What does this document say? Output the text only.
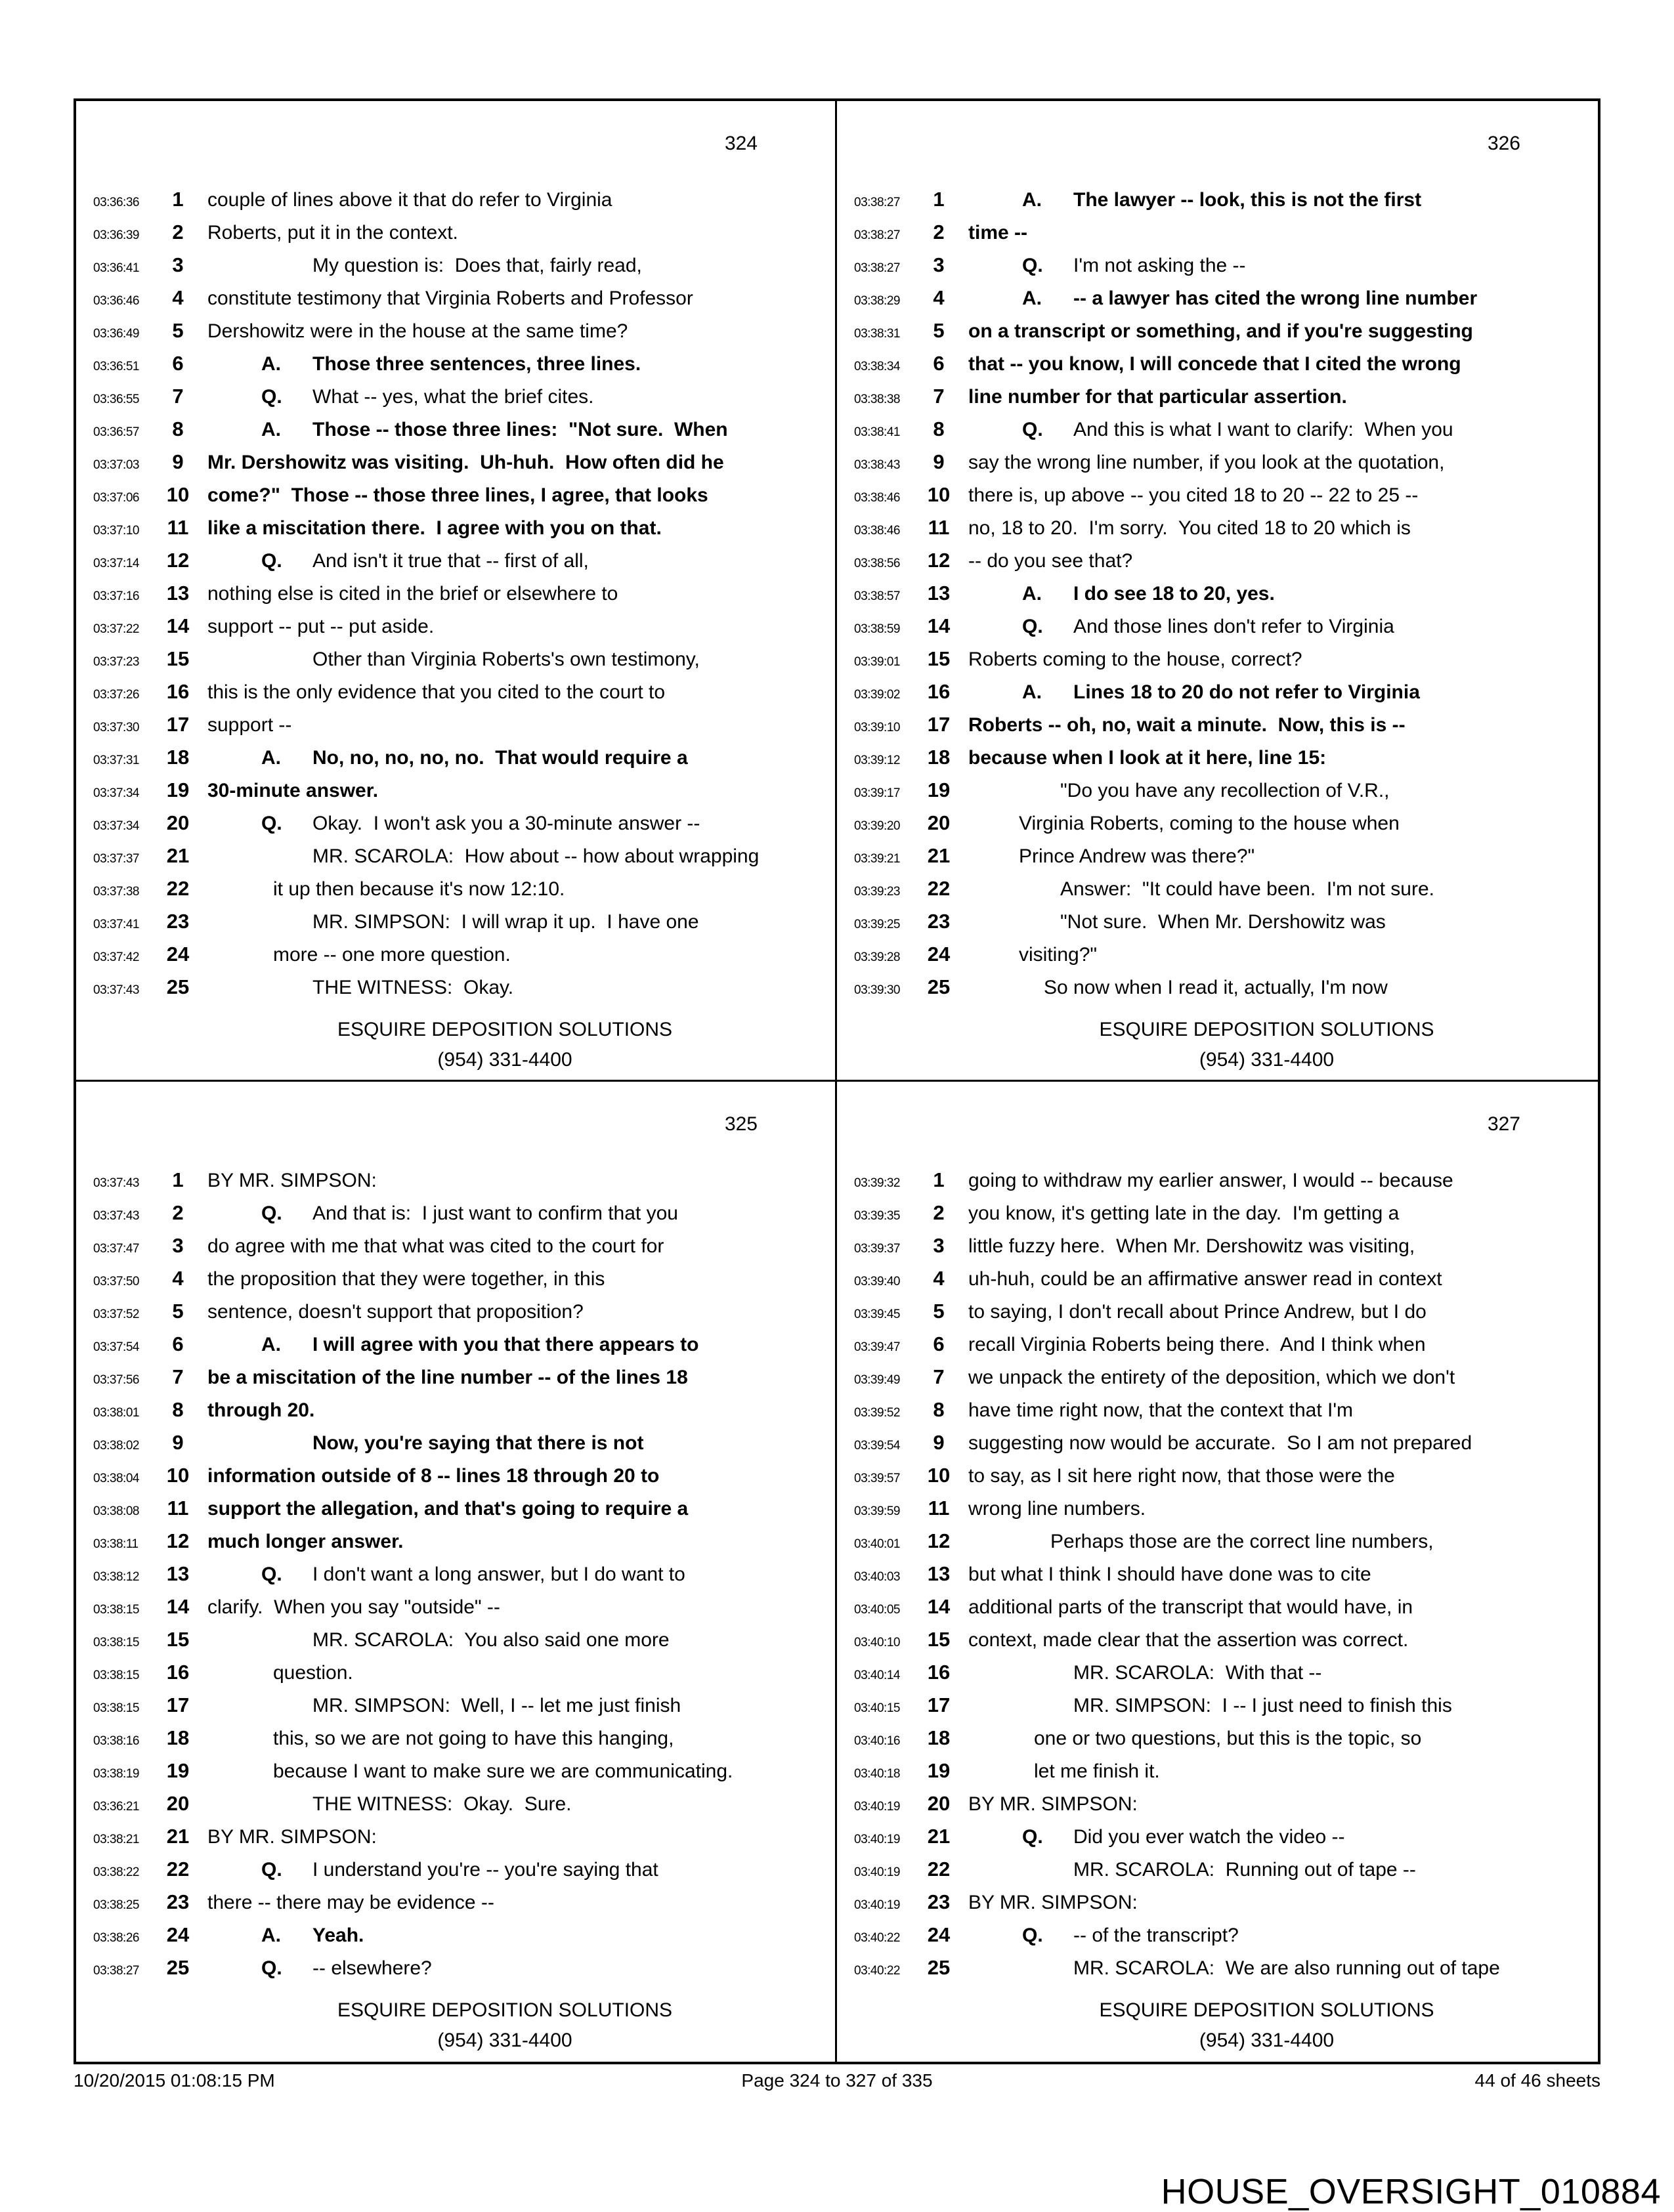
324
03:36:36	1	couple of lines above it that do refer to Virginia
03:36:39	2	Roberts, put it in the context.
03:36:41	3	My question is:  Does that, fairly read,
03:36:46	4	constitute testimony that Virginia Roberts and Professor
03:36:49	5	Dershowitz were in the house at the same time?
03:36:51	6	A. Those three sentences, three lines.
03:36:55	7	Q. What -- yes, what the brief cites.
03:36:57	8	A. Those -- those three lines:  "Not sure.  When
03:37:03	9	Mr. Dershowitz was visiting.  Uh-huh.  How often did he
03:37:06	10 come?"  Those -- those three lines, I agree, that looks
03:37:10	11 like a miscitation there.  I agree with you on that.
03:37:14	12	Q. And isn't it true that -- first of all,
03:37:16	13 nothing else is cited in the brief or elsewhere to
03:37:22	14 support -- put -- put aside.
03:37:23	15	Other than Virginia Roberts's own testimony,
03:37:26	16 this is the only evidence that you cited to the court to
03:37:30	17 support --
03:37:31	18	A. No, no, no, no, no.  That would require a
03:37:34	19 30-minute answer.
03:37:34	20	Q. Okay.  I won't ask you a 30-minute answer --
03:37:37	21	MR. SCAROLA:  How about -- how about wrapping
03:37:38	22	it up then because it's now 12:10.
03:37:41	23	MR. SIMPSON:  I will wrap it up.  I have one
03:37:42	24	more -- one more question.
03:37:43	25	THE WITNESS:  Okay.
ESQUIRE DEPOSITION SOLUTIONS
(954) 331-4400
326
03:38:27	1	A. The lawyer -- look, this is not the first
03:38:27	2	time --
03:38:27	3	Q. I'm not asking the --
03:38:29	4	A. -- a lawyer has cited the wrong line number
03:38:31	5	on a transcript or something, and if you're suggesting
03:38:34	6	that -- you know, I will concede that I cited the wrong
03:38:38	7	line number for that particular assertion.
03:38:41	8	Q. And this is what I want to clarify:  When you
03:38:43	9	say the wrong line number, if you look at the quotation,
03:38:46	10 there is, up above -- you cited 18 to 20 -- 22 to 25 --
03:38:46	11 no, 18 to 20.  I'm sorry.  You cited 18 to 20 which is
03:38:56	12 -- do you see that?
03:38:57	13	A. I do see 18 to 20, yes.
03:38:59	14	Q. And those lines don't refer to Virginia
03:39:01	15 Roberts coming to the house, correct?
03:39:02	16	A. Lines 18 to 20 do not refer to Virginia
03:39:10	17 Roberts -- oh, no, wait a minute.  Now, this is --
03:39:12	18 because when I look at it here, line 15:
03:39:17	19	"Do you have any recollection of V.R.,
03:39:20	20	Virginia Roberts, coming to the house when
03:39:21	21	Prince Andrew was there?"
03:39:23	22	Answer:  "It could have been.  I'm not sure.
03:39:25	23	"Not sure.  When Mr. Dershowitz was
03:39:28	24	visiting?"
03:39:30	25	So now when I read it, actually, I'm now
ESQUIRE DEPOSITION SOLUTIONS
(954) 331-4400
325
03:37:43	1	BY MR. SIMPSON:
03:37:43	2	Q. And that is:  I just want to confirm that you
03:37:47	3	do agree with me that what was cited to the court for
03:37:50	4	the proposition that they were together, in this
03:37:52	5	sentence, doesn't support that proposition?
03:37:54	6	A. I will agree with you that there appears to
03:37:56	7	be a miscitation of the line number -- of the lines 18
03:38:01	8	through 20.
03:38:02	9	Now, you're saying that there is not
03:38:04	10 information outside of 8 -- lines 18 through 20 to
03:38:08	11 support the allegation, and that's going to require a
03:38:11	12 much longer answer.
03:38:12	13	Q. I don't want a long answer, but I do want to
03:38:15	14 clarify.  When you say "outside" --
03:38:15	15	MR. SCAROLA:  You also said one more
03:38:15	16	question.
03:38:15	17	MR. SIMPSON:  Well, I -- let me just finish
03:38:16	18	this, so we are not going to have this hanging,
03:38:19	19	because I want to make sure we are communicating.
03:36:21	20	THE WITNESS:  Okay.  Sure.
03:38:21	21 BY MR. SIMPSON:
03:38:22	22	Q. I understand you're -- you're saying that
03:38:25	23 there -- there may be evidence --
03:38:26	24	A. Yeah.
03:38:27	25	Q. -- elsewhere?
ESQUIRE DEPOSITION SOLUTIONS
(954) 331-4400
327
03:39:32	1	going to withdraw my earlier answer, I would -- because
03:39:35	2	you know, it's getting late in the day.  I'm getting a
03:39:37	3	little fuzzy here.  When Mr. Dershowitz was visiting,
03:39:40	4	uh-huh, could be an affirmative answer read in context
03:39:45	5	to saying, I don't recall about Prince Andrew, but I do
03:39:47	6	recall Virginia Roberts being there.  And I think when
03:39:49	7	we unpack the entirety of the deposition, which we don't
03:39:52	8	have time right now, that the context that I'm
03:39:54	9	suggesting now would be accurate.  So I am not prepared
03:39:57	10 to say, as I sit here right now, that those were the
03:39:59	11 wrong line numbers.
03:40:01	12	Perhaps those are the correct line numbers,
03:40:03	13 but what I think I should have done was to cite
03:40:05	14 additional parts of the transcript that would have, in
03:40:10	15 context, made clear that the assertion was correct.
03:40:14	16	MR. SCAROLA:  With that --
03:40:15	17	MR. SIMPSON:  I -- I just need to finish this
03:40:16	18	one or two questions, but this is the topic, so
03:40:18	19	let me finish it.
03:40:19	20 BY MR. SIMPSON:
03:40:19	21	Q. Did you ever watch the video --
03:40:19	22	MR. SCAROLA:  Running out of tape --
03:40:19	23 BY MR. SIMPSON:
03:40:22	24	Q. -- of the transcript?
03:40:22	25	MR. SCAROLA:  We are also running out of tape
ESQUIRE DEPOSITION SOLUTIONS
(954) 331-4400
10/20/2015 01:08:15 PM	Page 324 to 327 of 335	44 of 46 sheets
HOUSE_OVERSIGHT_010884
